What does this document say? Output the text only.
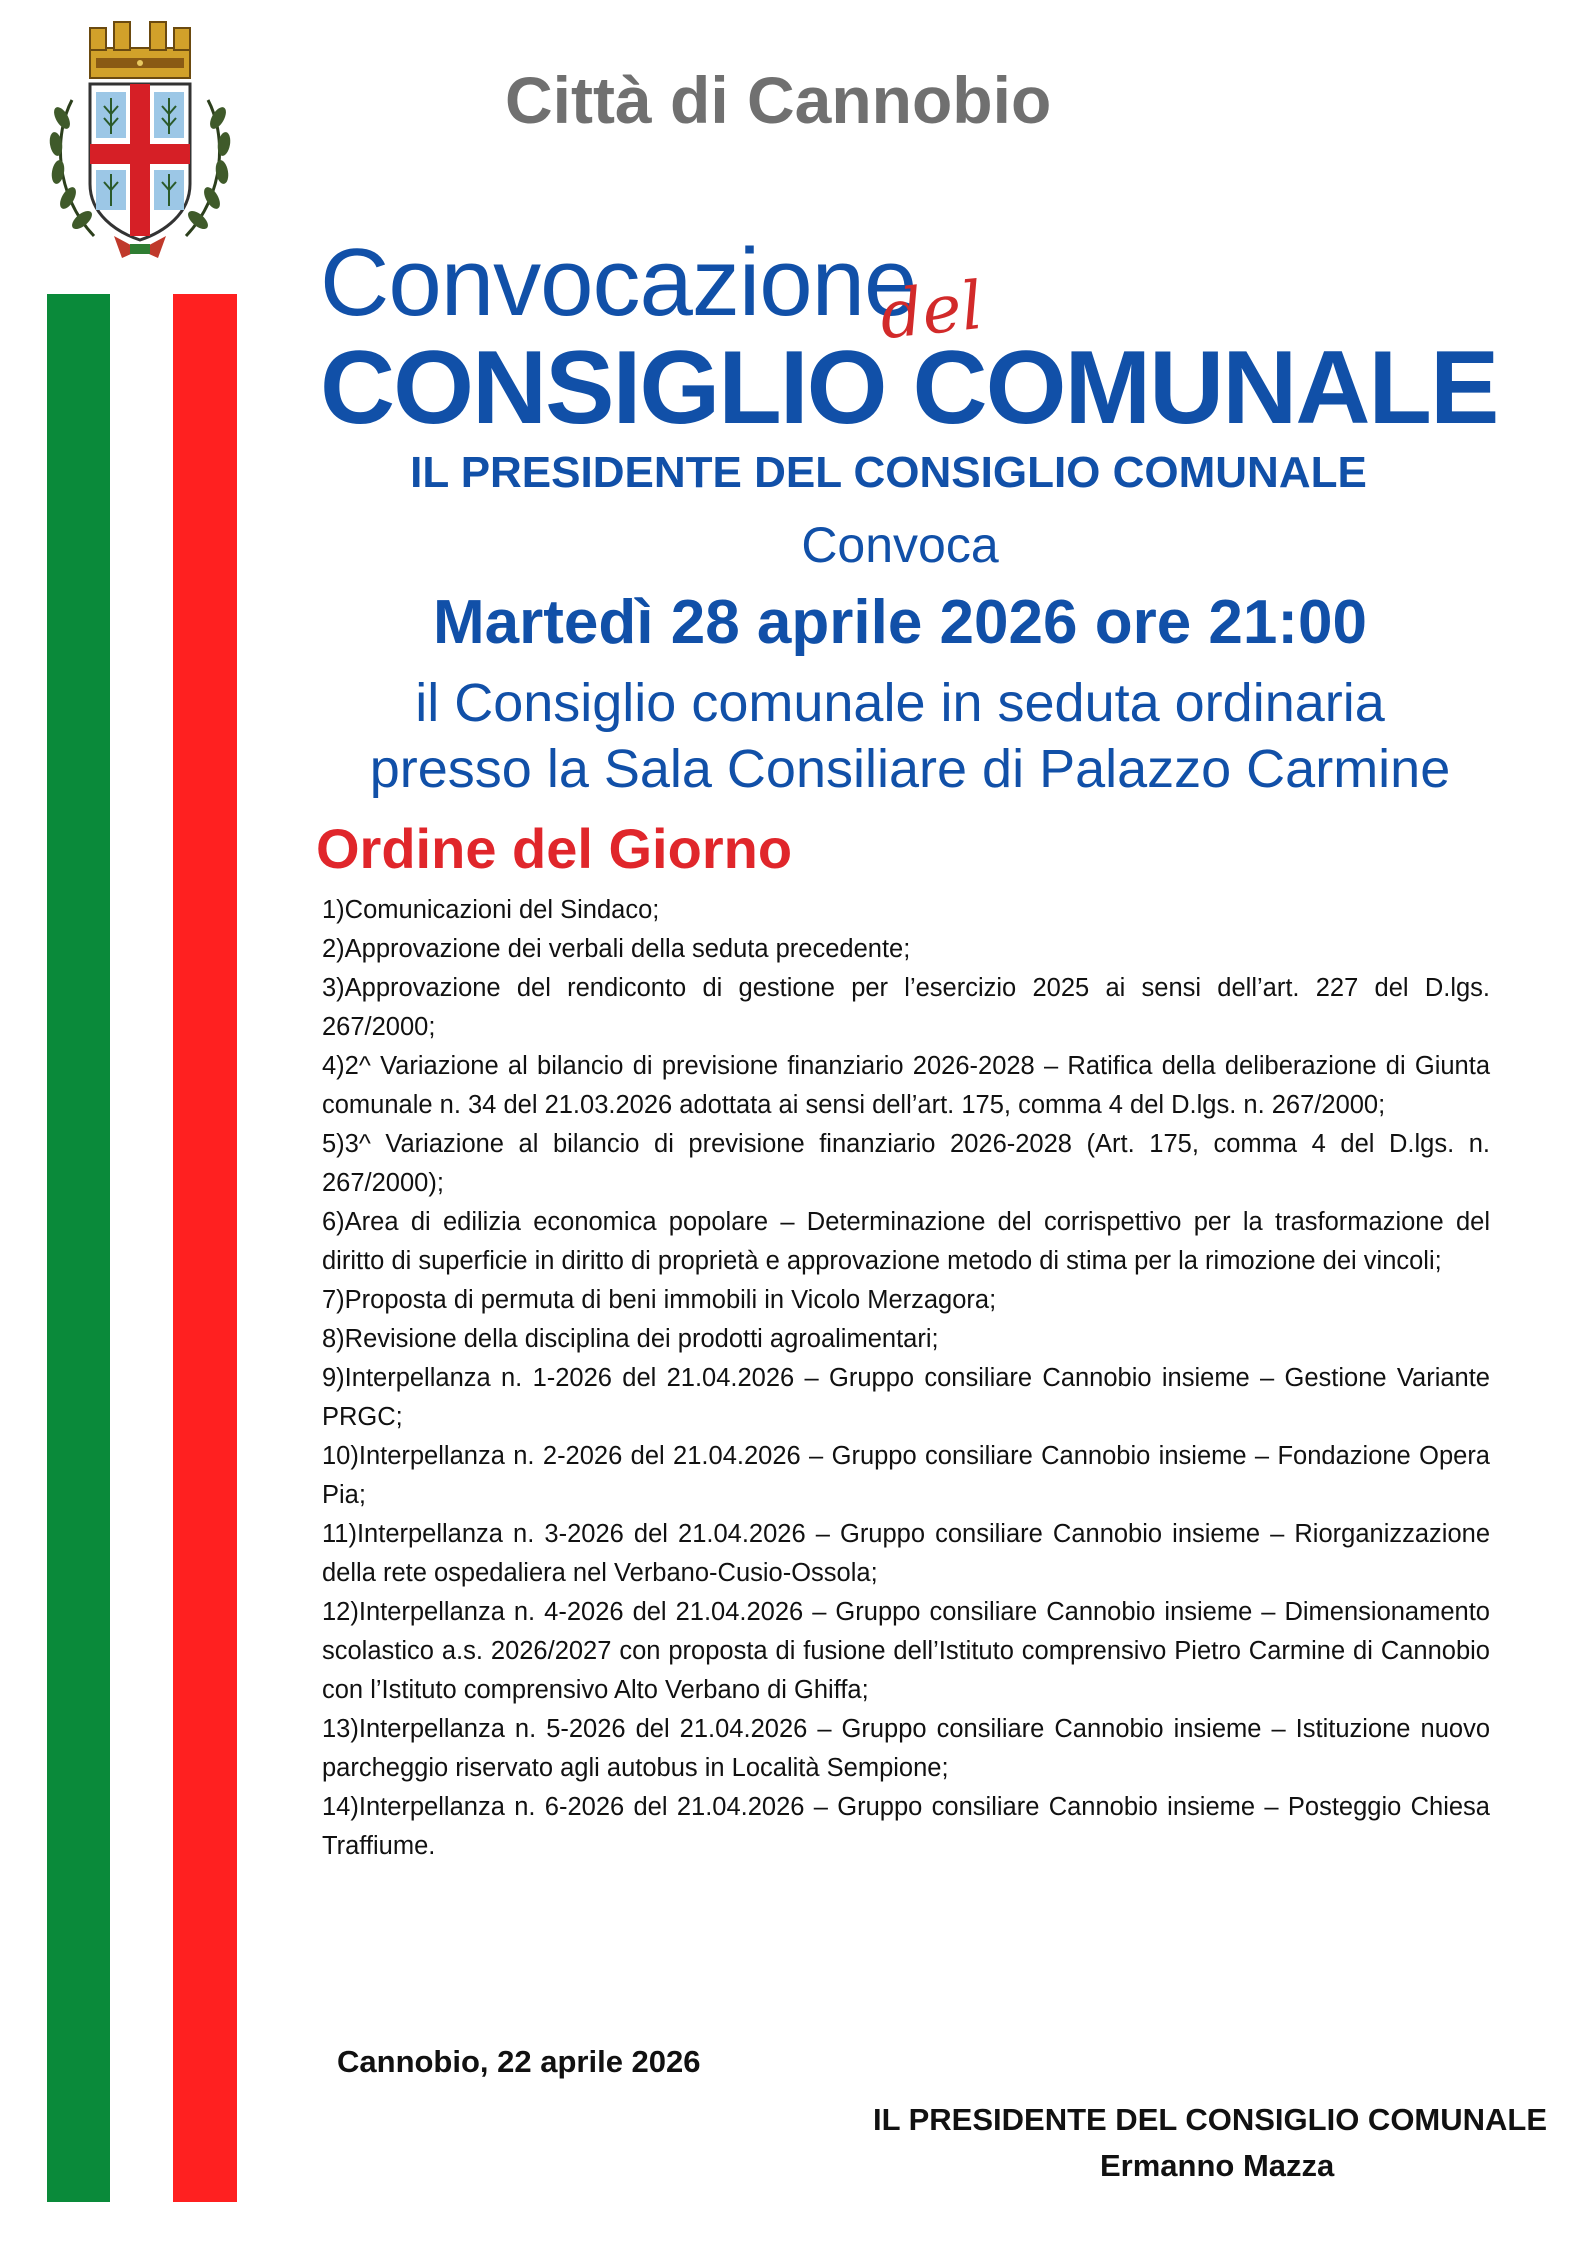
Città di Cannobio
Convocazione
del
CONSIGLIO COMUNALE
IL PRESIDENTE DEL CONSIGLIO COMUNALE
Convoca
Martedì 28 aprile 2026 ore 21:00
il Consiglio comunale in seduta ordinaria
presso la Sala Consiliare di Palazzo Carmine
Ordine del Giorno
1)Comunicazioni del Sindaco;
2)Approvazione dei verbali della seduta precedente;
3)Approvazione del rendiconto di gestione per l’esercizio 2025 ai sensi dell’art. 227 del D.lgs. 267/2000;
4)2^ Variazione al bilancio di previsione finanziario 2026-2028 – Ratifica della deliberazione di Giunta comunale n. 34 del 21.03.2026 adottata ai sensi dell’art. 175, comma 4 del D.lgs. n. 267/2000;
5)3^ Variazione al bilancio di previsione finanziario 2026-2028 (Art. 175, comma 4 del D.lgs. n. 267/2000);
6)Area di edilizia economica popolare – Determinazione del corrispettivo per la trasformazione del diritto di superficie in diritto di proprietà e approvazione metodo di stima per la rimozione dei vincoli;
7)Proposta di permuta di beni immobili in Vicolo Merzagora;
8)Revisione della disciplina dei prodotti agroalimentari;
9)Interpellanza n. 1-2026 del 21.04.2026 – Gruppo consiliare Cannobio insieme – Gestione Variante PRGC;
10)Interpellanza n. 2-2026 del 21.04.2026 – Gruppo consiliare Cannobio insieme – Fondazione Opera Pia;
11)Interpellanza n. 3-2026 del 21.04.2026 – Gruppo consiliare Cannobio insieme – Riorganizzazione della rete ospedaliera nel Verbano-Cusio-Ossola;
12)Interpellanza n. 4-2026 del 21.04.2026 – Gruppo consiliare Cannobio insieme – Dimensionamento scolastico a.s. 2026/2027 con proposta di fusione dell’Istituto comprensivo Pietro Carmine di Cannobio con l’Istituto comprensivo Alto Verbano di Ghiffa;
13)Interpellanza n. 5-2026 del 21.04.2026 – Gruppo consiliare Cannobio insieme – Istituzione nuovo parcheggio riservato agli autobus in Località Sempione;
14)Interpellanza n. 6-2026 del 21.04.2026 – Gruppo consiliare Cannobio insieme – Posteggio Chiesa Traffiume.
Cannobio, 22 aprile 2026
IL PRESIDENTE DEL CONSIGLIO COMUNALE
Ermanno Mazza
